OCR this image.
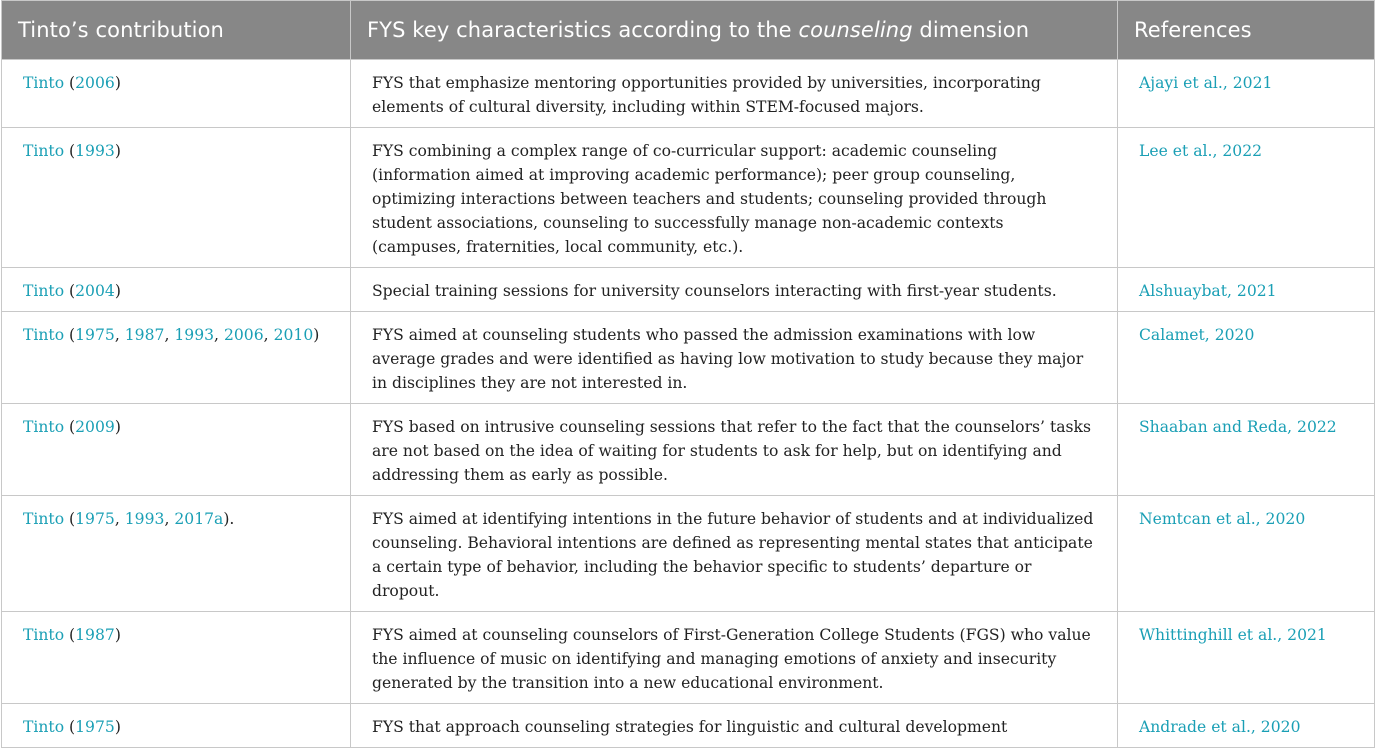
Tinto’s contribution	FYS key characteristics according to the counseling dimension	References
Tinto (2006)	FYS that emphasize mentoring opportunities provided by universities, incorporating elements of cultural diversity, including within STEM-focused majors.	Ajayi et al., 2021
Tinto (1993)	FYS combining a complex range of co-curricular support: academic counseling (information aimed at improving academic performance); peer group counseling, optimizing interactions between teachers and students; counseling provided through student associations, counseling to successfully manage non-academic contexts (campuses, fraternities, local community, etc.).	Lee et al., 2022
Tinto (2004)	Special training sessions for university counselors interacting with first-year students.	Alshuaybat, 2021
Tinto (1975, 1987, 1993, 2006, 2010)	FYS aimed at counseling students who passed the admission examinations with low average grades and were identified as having low motivation to study because they major in disciplines they are not interested in.	Calamet, 2020
Tinto (2009)	FYS based on intrusive counseling sessions that refer to the fact that the counselors’ tasks are not based on the idea of waiting for students to ask for help, but on identifying and addressing them as early as possible.	Shaaban and Reda, 2022
Tinto (1975, 1993, 2017a).	FYS aimed at identifying intentions in the future behavior of students and at individualized counseling. Behavioral intentions are defined as representing mental states that anticipate a certain type of behavior, including the behavior specific to students’ departure or dropout.	Nemtcan et al., 2020
Tinto (1987)	FYS aimed at counseling counselors of First-Generation College Students (FGS) who value the influence of music on identifying and managing emotions of anxiety and insecurity generated by the transition into a new educational environment.	Whittinghill et al., 2021
Tinto (1975)	FYS that approach counseling strategies for linguistic and cultural development	Andrade et al., 2020
